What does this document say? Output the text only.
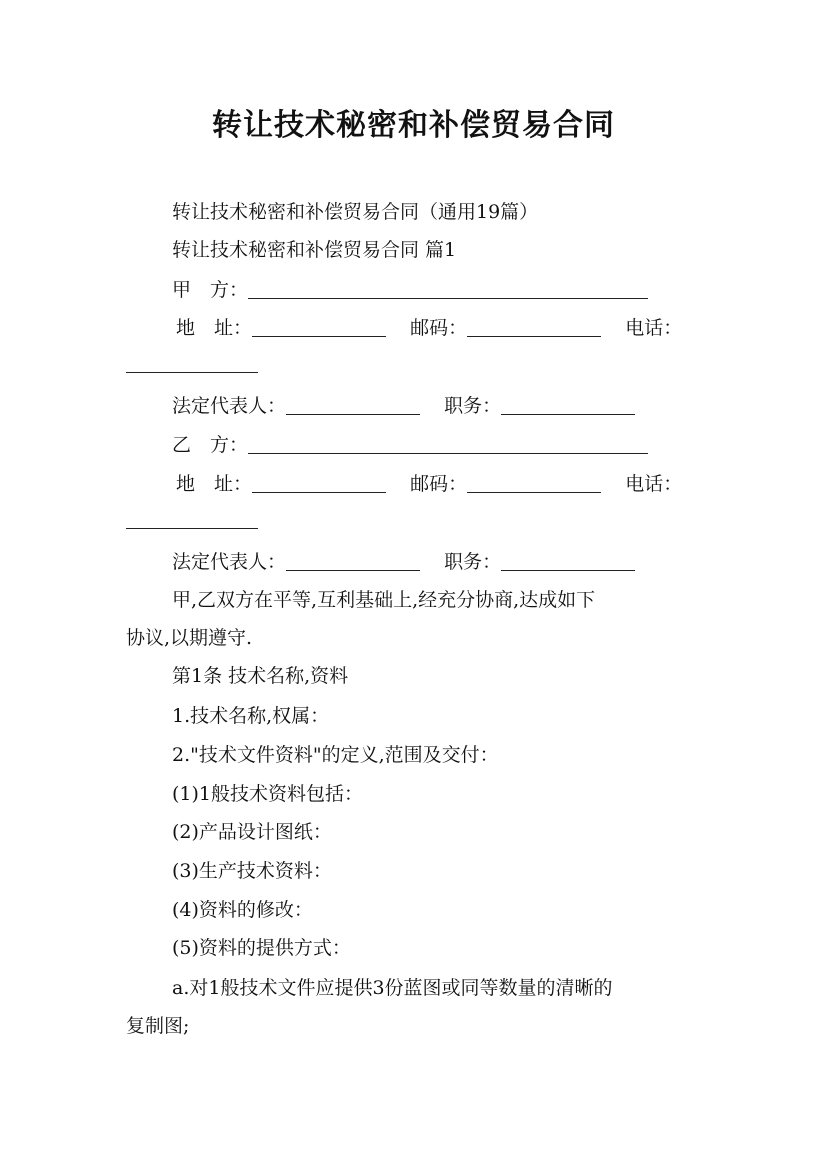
转让技术秘密和补偿贸易合同
转让技术秘密和补偿贸易合同（通用19篇）
转让技术秘密和补偿贸易合同 篇1
甲　方：
地　址：	邮码：	电话：
法定代表人：	职务：
乙　方：
地　址：	邮码：	电话：
法定代表人：	职务：
甲,乙双方在平等,互利基础上,经充分协商,达成如下
协议,以期遵守.
第1条 技术名称,资料
1.技术名称,权属：
2."技术文件资料"的定义,范围及交付：
(1)1般技术资料包括：
(2)产品设计图纸：
(3)生产技术资料：
(4)资料的修改：
(5)资料的提供方式：
a.对1般技术文件应提供3份蓝图或同等数量的清晰的
复制图;
